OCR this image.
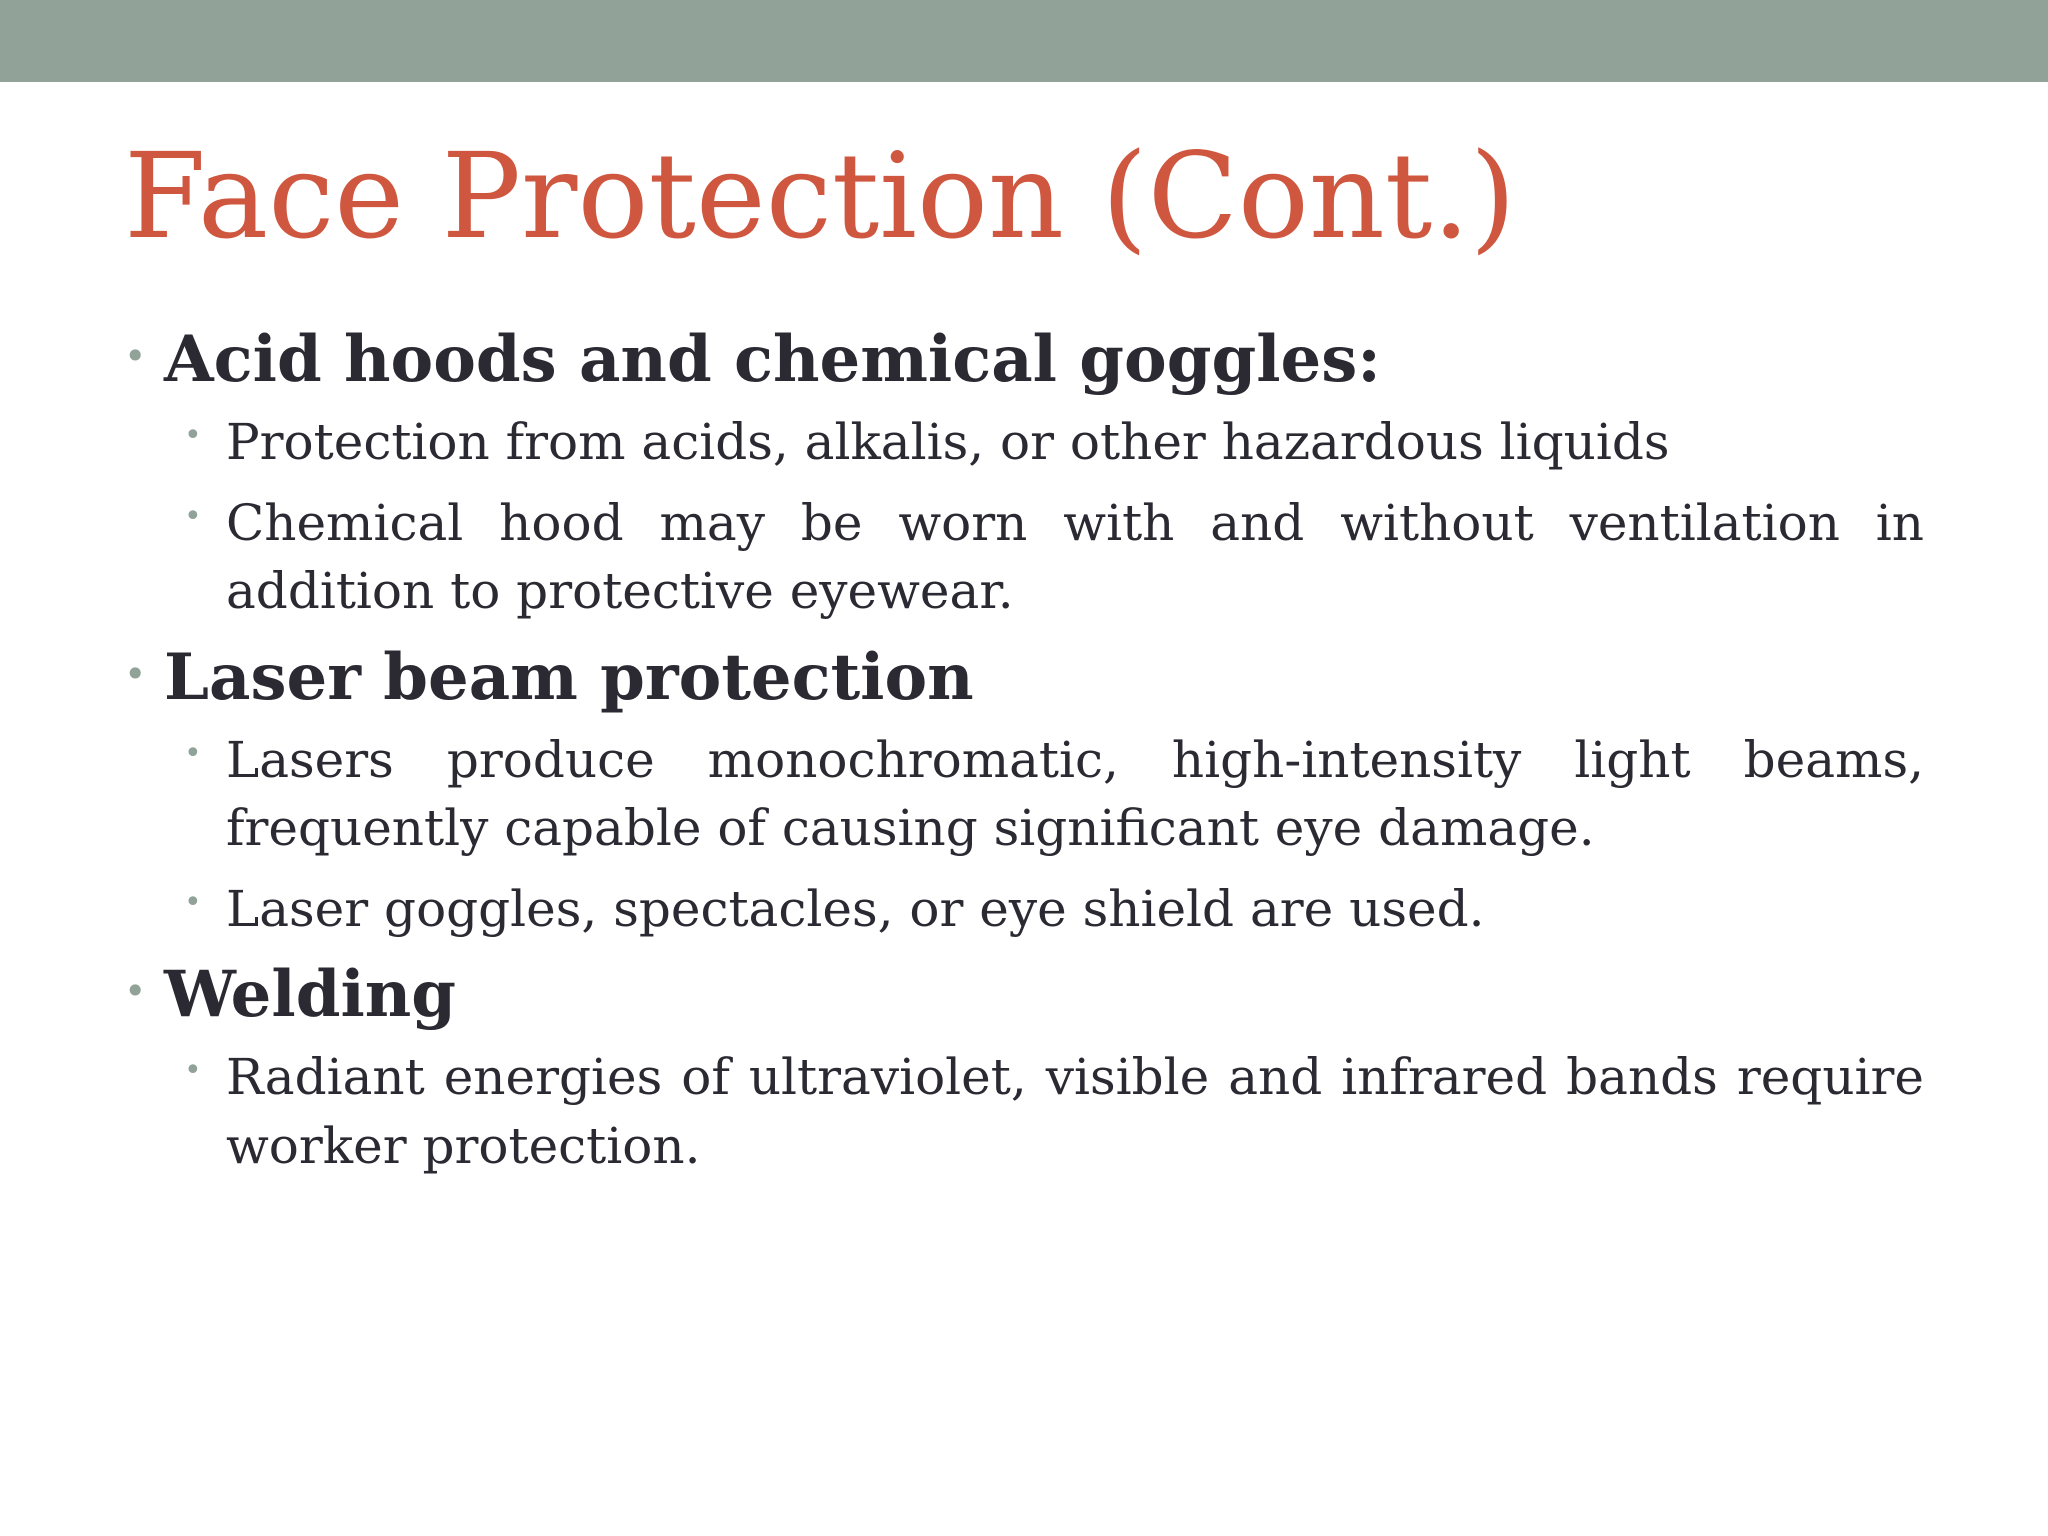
Face Protection (Cont.)
• Acid hoods and chemical goggles:
• Protection from acids, alkalis, or other hazardous liquids
• Chemical hood may be worn with and without ventilation in addition to protective eyewear.
• Laser beam protection
• Lasers produce monochromatic, high-intensity light beams, frequently capable of causing significant eye damage.
• Laser goggles, spectacles, or eye shield are used.
• Welding
• Radiant energies of ultraviolet, visible and infrared bands require worker protection.
